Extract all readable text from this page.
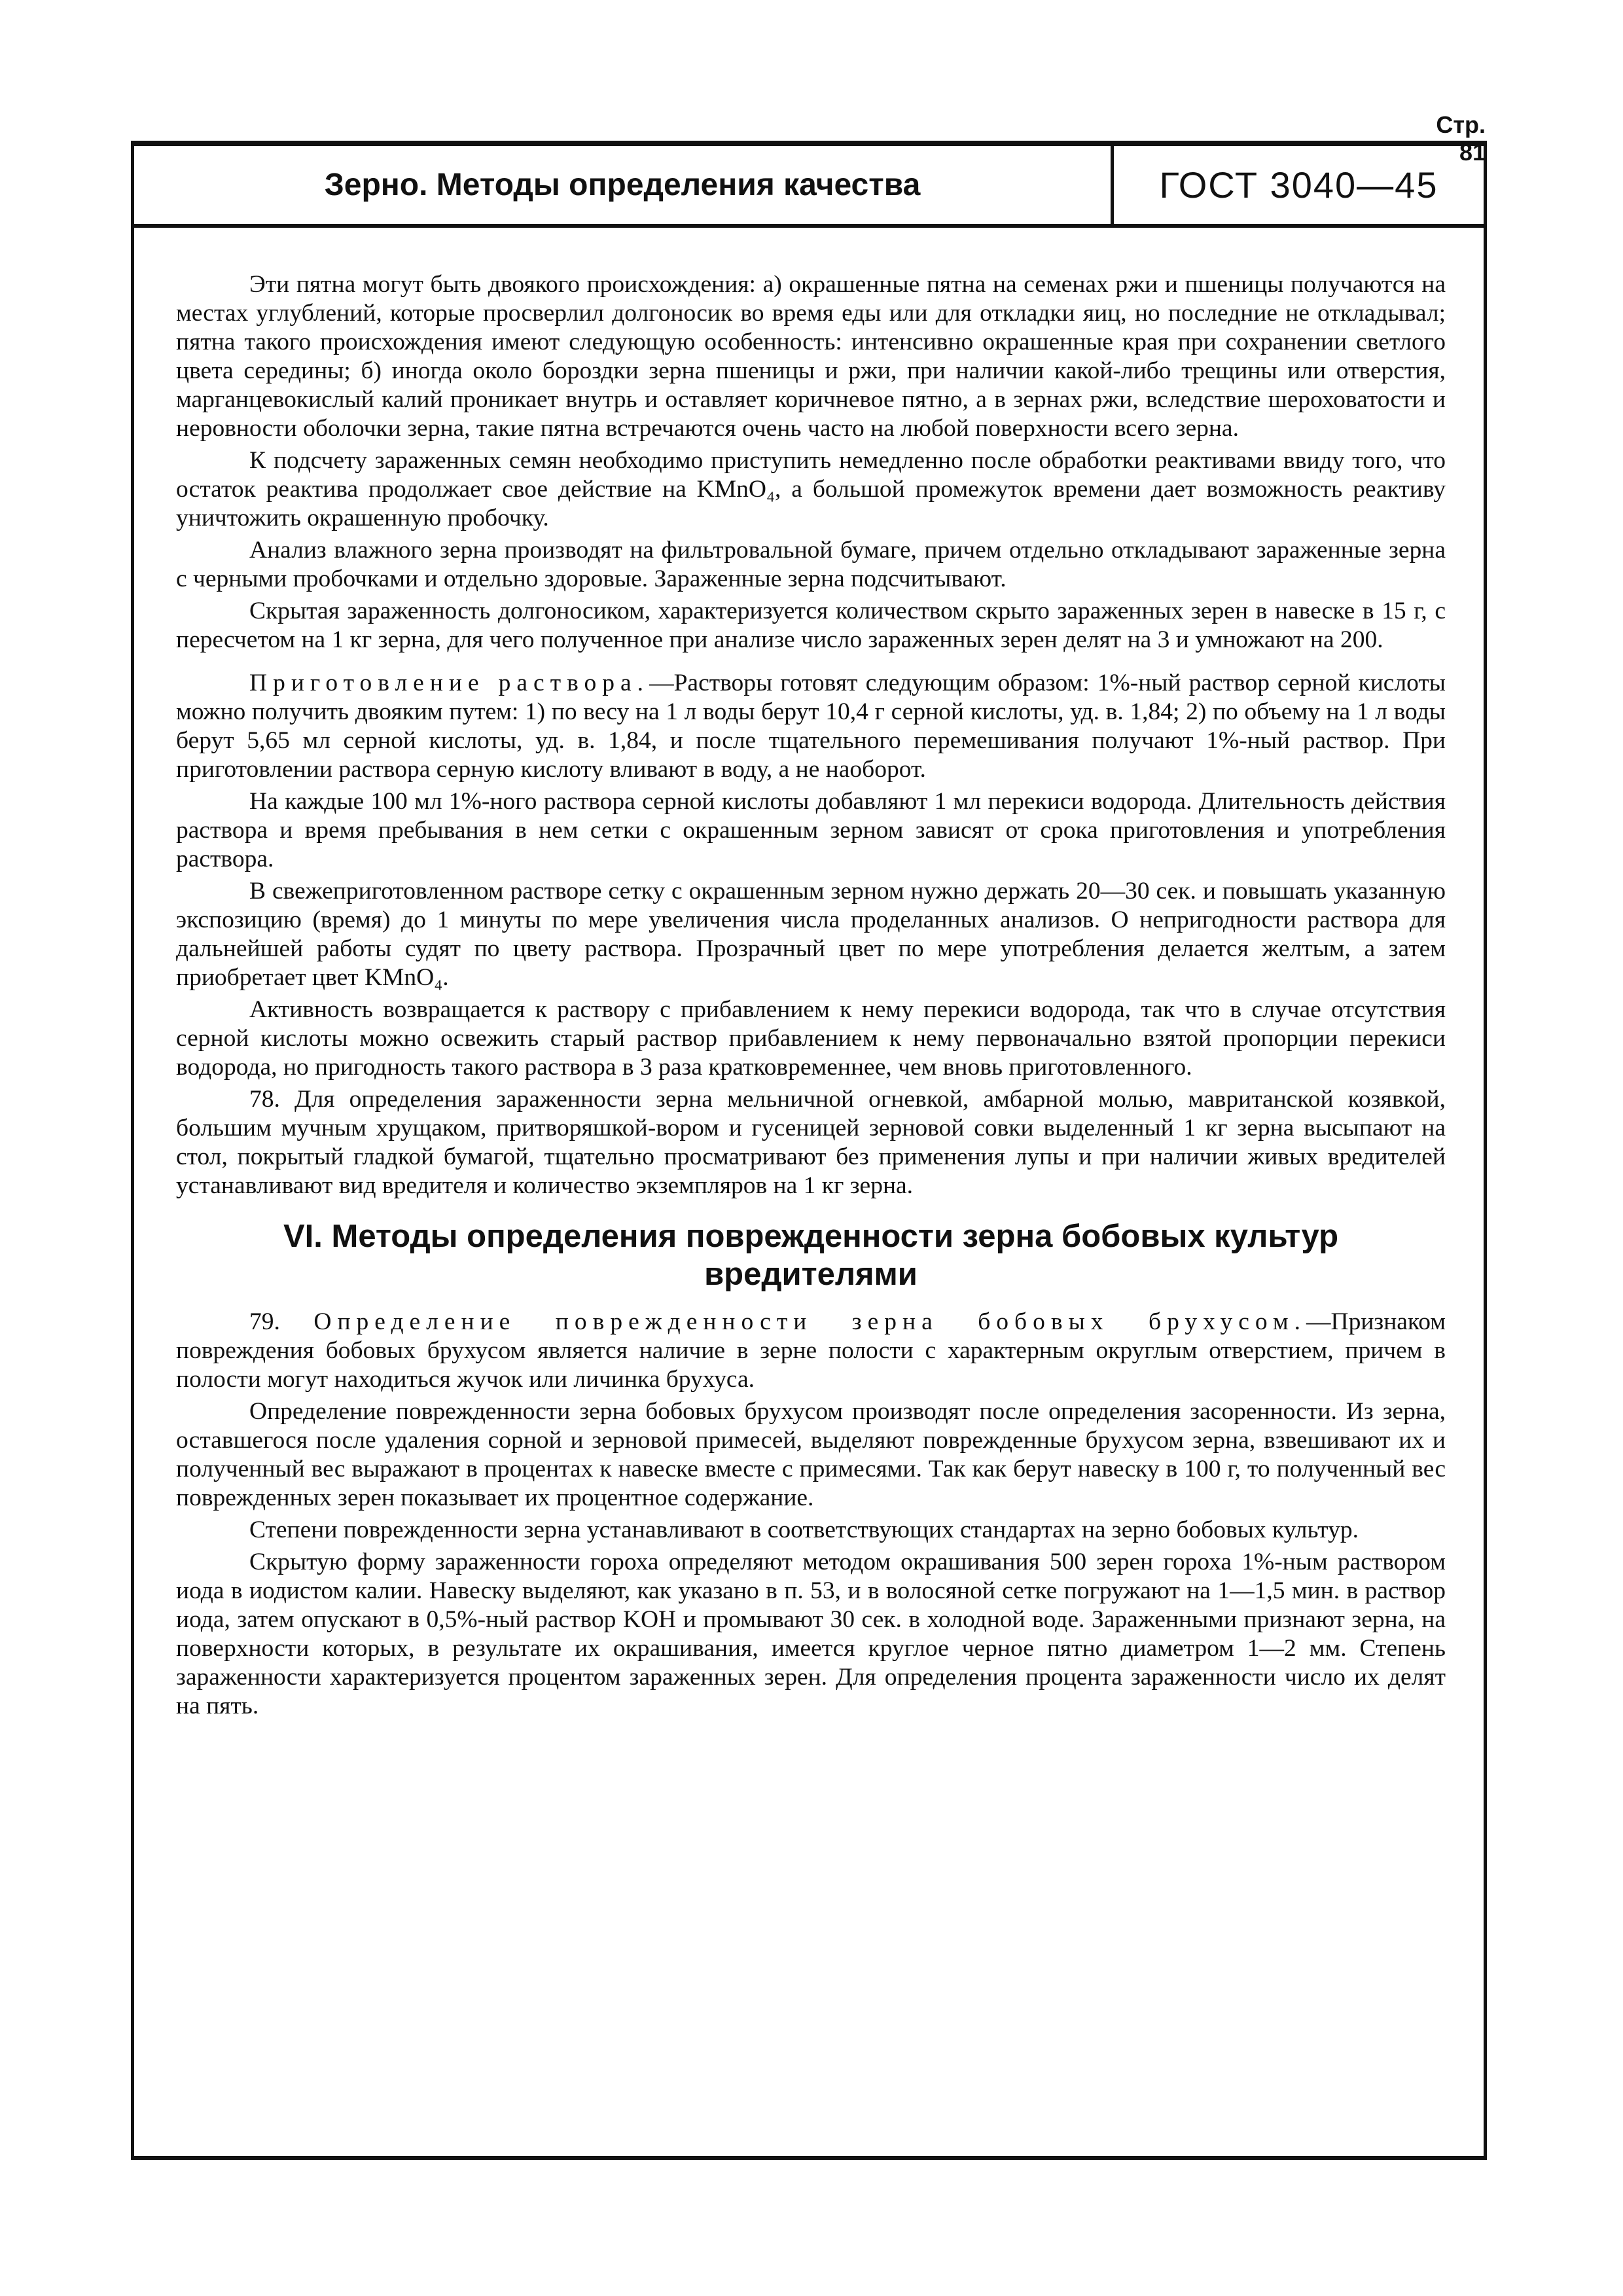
Стр. 81
Зерно. Методы определения качества	ГОСТ 3040—45

Эти пятна могут быть двоякого происхождения: а) окрашенные пятна на семенах ржи и пшеницы получаются на местах углублений, которые просверлил долгоносик во время еды или для откладки яиц, но последние не откладывал; пятна такого происхождения имеют следующую особенность: интенсивно окрашенные края при сохранении светлого цвета середины; б) иногда около бороздки зерна пшеницы и ржи, при наличии какой-либо трещины или отверстия, марганцевокислый калий проникает внутрь и оставляет коричневое пятно, а в зернах ржи, вследствие шероховатости и неровности оболочки зерна, такие пятна встречаются очень часто на любой поверхности всего зерна.

К подсчету зараженных семян необходимо приступить немедленно после обработки реактивами ввиду того, что остаток реактива продолжает свое действие на KMnO₄, а большой промежуток времени дает возможность реактиву уничтожить окрашенную пробочку.

Анализ влажного зерна производят на фильтровальной бумаге, причем отдельно откладывают зараженные зерна с черными пробочками и отдельно здоровые. Зараженные зерна подсчитывают.

Скрытая зараженность долгоносиком, характеризуется количеством скрыто зараженных зерен в навеске в 15 г, с пересчетом на 1 кг зерна, для чего полученное при анализе число зараженных зерен делят на 3 и умножают на 200.

Приготовление раствора.—Растворы готовят следующим образом: 1%-ный раствор серной кислоты можно получить двояким путем: 1) по весу на 1 л воды берут 10,4 г серной кислоты, уд. в. 1,84; 2) по объему на 1 л воды берут 5,65 мл серной кислоты, уд. в. 1,84, и после тщательного перемешивания получают 1%-ный раствор. При приготовлении раствора серную кислоту вливают в воду, а не наоборот.

На каждые 100 мл 1%-ного раствора серной кислоты добавляют 1 мл перекиси водорода. Длительность действия раствора и время пребывания в нем сетки с окрашенным зерном зависят от срока приготовления и употребления раствора.

В свежеприготовленном растворе сетку с окрашенным зерном нужно держать 20—30 сек. и повышать указанную экспозицию (время) до 1 минуты по мере увеличения числа проделанных анализов. О непригодности раствора для дальнейшей работы судят по цвету раствора. Прозрачный цвет по мере употребления делается желтым, а затем приобретает цвет KMnO₄.

Активность возвращается к раствору с прибавлением к нему перекиси водорода, так что в случае отсутствия серной кислоты можно освежить старый раствор прибавлением к нему первоначально взятой пропорции перекиси водорода, но пригодность такого раствора в 3 раза кратковременнее, чем вновь приготовленного.

78. Для определения зараженности зерна мельничной огневкой, амбарной молью, мавританской козявкой, большим мучным хрущаком, притворяшкой-вором и гусеницей зерновой совки выделенный 1 кг зерна высыпают на стол, покрытый гладкой бумагой, тщательно просматривают без применения лупы и при наличии живых вредителей устанавливают вид вредителя и количество экземпляров на 1 кг зерна.

VI. Методы определения поврежденности зерна бобовых культур вредителями

79. Определение поврежденности зерна бобовых брухусом.—Признаком повреждения бобовых брухусом является наличие в зерне полости с характерным округлым отверстием, причем в полости могут находиться жучок или личинка брухуса.

Определение поврежденности зерна бобовых брухусом производят после определения засоренности. Из зерна, оставшегося после удаления сорной и зерновой примесей, выделяют поврежденные брухусом зерна, взвешивают их и полученный вес выражают в процентах к навеске вместе с примесями. Так как берут навеску в 100 г, то полученный вес поврежденных зерен показывает их процентное содержание.

Степени поврежденности зерна устанавливают в соответствующих стандартах на зерно бобовых культур.

Скрытую форму зараженности гороха определяют методом окрашивания 500 зерен гороха 1%-ным раствором иода в иодистом калии. Навеску выделяют, как указано в п. 53, и в волосяной сетке погружают на 1—1,5 мин. в раствор иода, затем опускают в 0,5%-ный раствор KOH и промывают 30 сек. в холодной воде. Зараженными признают зерна, на поверхности которых, в результате их окрашивания, имеется круглое черное пятно диаметром 1—2 мм. Степень зараженности характеризуется процентом зараженных зерен. Для определения процента зараженности число их делят на пять.
